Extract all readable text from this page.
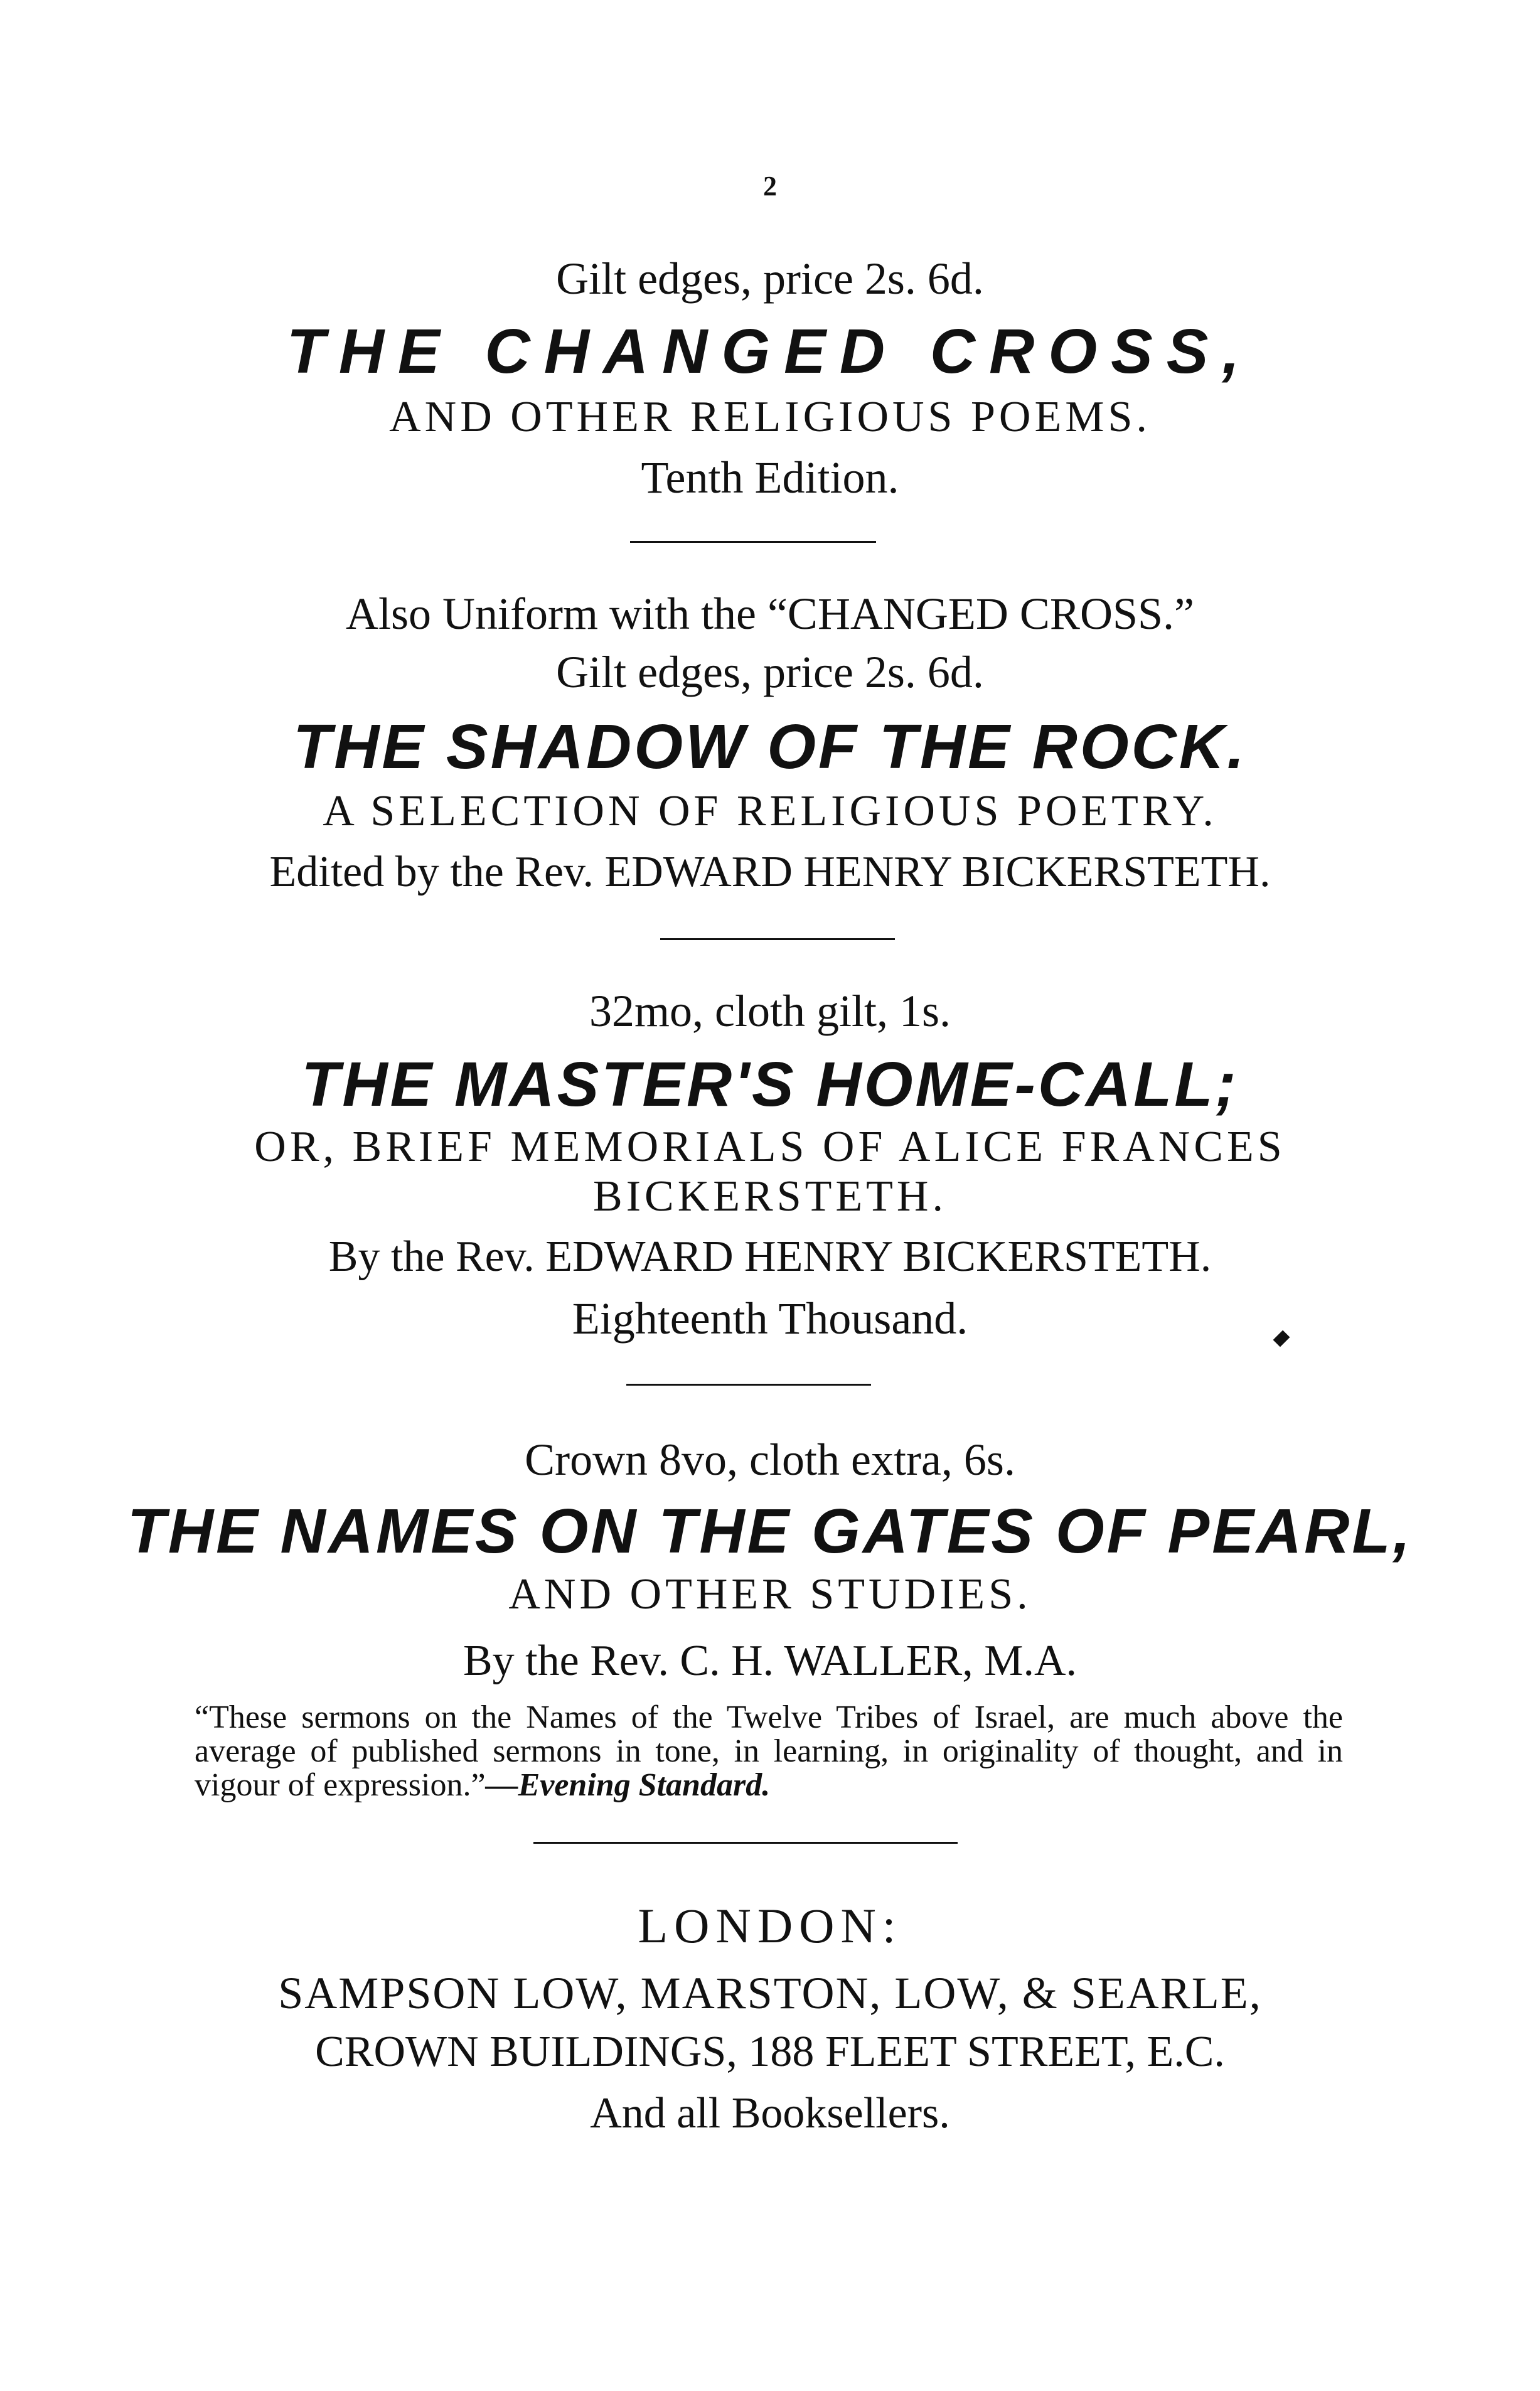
2
Gilt edges, price 2s. 6d.
THE CHANGED CROSS,
AND OTHER RELIGIOUS POEMS.
Tenth Edition.
Also Uniform with the “CHANGED CROSS.”
Gilt edges, price 2s. 6d.
THE SHADOW OF THE ROCK.
A SELECTION OF RELIGIOUS POETRY.
Edited by the Rev. EDWARD HENRY BICKERSTETH.
32mo, cloth gilt, 1s.
THE MASTER'S HOME-CALL;
OR, BRIEF MEMORIALS OF ALICE FRANCES
BICKERSTETH.
By the Rev. EDWARD HENRY BICKERSTETH.
Eighteenth Thousand.
Crown 8vo, cloth extra, 6s.
THE NAMES ON THE GATES OF PEARL,
AND OTHER STUDIES.
By the Rev. C. H. WALLER, M.A.
“These sermons on the Names of the Twelve Tribes of Israel, are much above the average of published sermons in tone, in learning, in originality of thought, and in vigour of expression.”—Evening Standard.
LONDON:
SAMPSON LOW, MARSTON, LOW, & SEARLE,
CROWN BUILDINGS, 188 FLEET STREET, E.C.
And all Booksellers.
